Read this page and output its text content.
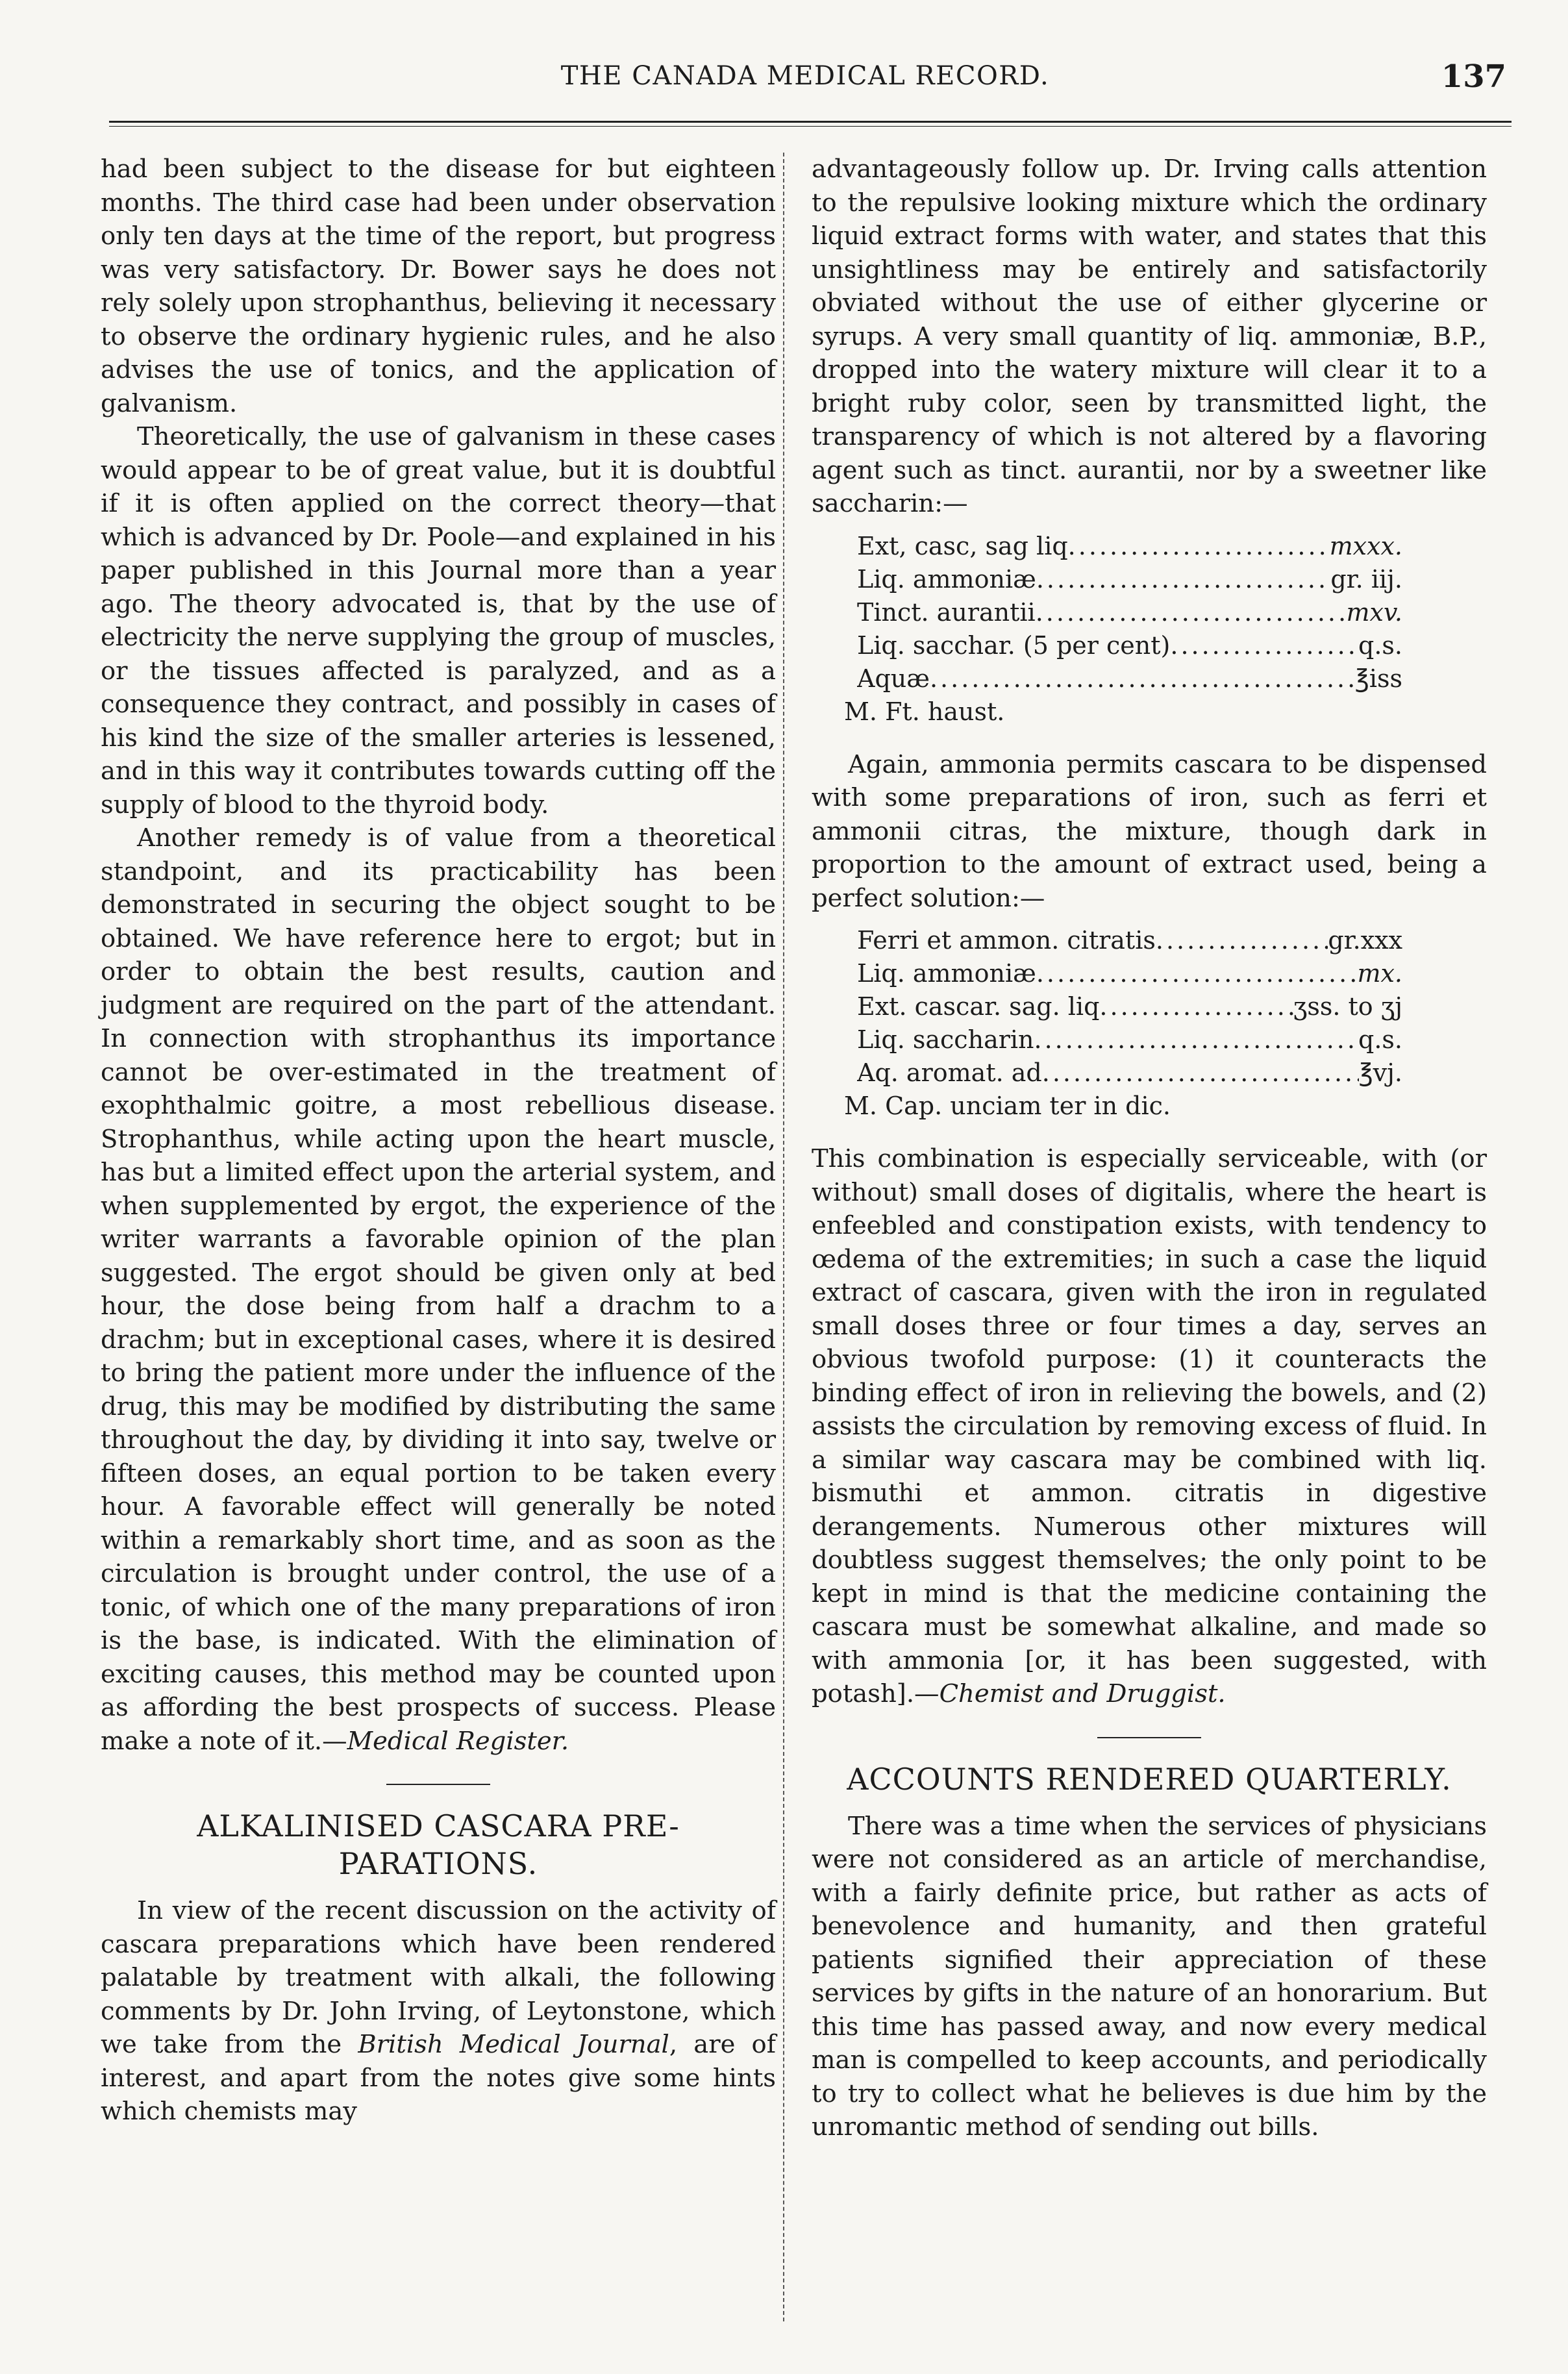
THE CANADA MEDICAL RECORD.	137

had been subject to the disease for but eighteen months. The third case had been under observation only ten days at the time of the report, but progress was very satisfactory. Dr. Bower says he does not rely solely upon strophanthus, believing it necessary to observe the ordinary hygienic rules, and he also advises the use of tonics, and the application of galvanism.

Theoretically, the use of galvanism in these cases would appear to be of great value, but it is doubtful if it is often applied on the correct theory—that which is advanced by Dr. Poole—and explained in his paper published in this Journal more than a year ago. The theory advocated is, that by the use of electricity the nerve supplying the group of muscles, or the tissues affected is paralyzed, and as a consequence they contract, and possibly in cases of his kind the size of the smaller arteries is lessened, and in this way it contributes towards cutting off the supply of blood to the thyroid body.

Another remedy is of value from a theoretical standpoint, and its practicability has been demonstrated in securing the object sought to be obtained. We have reference here to ergot; but in order to obtain the best results, caution and judgment are required on the part of the attendant. In connection with strophanthus its importance cannot be over-estimated in the treatment of exophthalmic goitre, a most rebellious disease. Strophanthus, while acting upon the heart muscle, has but a limited effect upon the arterial system, and when supplemented by ergot, the experience of the writer warrants a favorable opinion of the plan suggested. The ergot should be given only at bed hour, the dose being from half a drachm to a drachm; but in exceptional cases, where it is desired to bring the patient more under the influence of the drug, this may be modified by distributing the same throughout the day, by dividing it into say, twelve or fifteen doses, an equal portion to be taken every hour. A favorable effect will generally be noted within a remarkably short time, and as soon as the circulation is brought under control, the use of a tonic, of which one of the many preparations of iron is the base, is indicated. With the elimination of exciting causes, this method may be counted upon as affording the best prospects of success. Please make a note of it.—Medical Register.

ALKALINISED CASCARA PRE-
PARATIONS.

In view of the recent discussion on the activity of cascara preparations which have been rendered palatable by treatment with alkali, the following comments by Dr. John Irving, of Leytonstone, which we take from the British Medical Journal, are of interest, and apart from the notes give some hints which chemists may

advantageously follow up. Dr. Irving calls attention to the repulsive looking mixture which the ordinary liquid extract forms with water, and states that this unsightliness may be entirely and satisfactorily obviated without the use of either glycerine or syrups. A very small quantity of liq. ammoniæ, B.P., dropped into the watery mixture will clear it to a bright ruby color, seen by transmitted light, the transparency of which is not altered by a flavoring agent such as tinct. aurantii, nor by a sweetner like saccharin:—

Ext, casc, sag liq .....	mxxx.
Liq. ammoniæ .....	gr. iij.
Tinct. aurantii .....	mxv.
Liq. sacchar. (5 per cent) .....	q.s.
Aquæ .....	℥iss
M. Ft. haust.

Again, ammonia permits cascara to be dispensed with some preparations of iron, such as ferri et ammonii citras, the mixture, though dark in proportion to the amount of extract used, being a perfect solution:—

Ferri et ammon. citratis .....	gr.xxx
Liq. ammoniæ .....	mx.
Ext. cascar. sag. liq .....	ʒss. to ʒj
Liq. saccharin .....	q.s.
Aq. aromat. ad .....	℥vj.
M. Cap. unciam ter in dic.

This combination is especially serviceable, with (or without) small doses of digitalis, where the heart is enfeebled and constipation exists, with tendency to œdema of the extremities; in such a case the liquid extract of cascara, given with the iron in regulated small doses three or four times a day, serves an obvious twofold purpose: (1) it counteracts the binding effect of iron in relieving the bowels, and (2) assists the circulation by removing excess of fluid. In a similar way cascara may be combined with liq. bismuthi et ammon. citratis in digestive derangements. Numerous other mixtures will doubtless suggest themselves; the only point to be kept in mind is that the medicine containing the cascara must be somewhat alkaline, and made so with ammonia [or, it has been suggested, with potash].—Chemist and Druggist.

ACCOUNTS RENDERED QUARTERLY.

There was a time when the services of physicians were not considered as an article of merchandise, with a fairly definite price, but rather as acts of benevolence and humanity, and then grateful patients signified their appreciation of these services by gifts in the nature of an honorarium. But this time has passed away, and now every medical man is compelled to keep accounts, and periodically to try to collect what he believes is due him by the unromantic method of sending out bills.
